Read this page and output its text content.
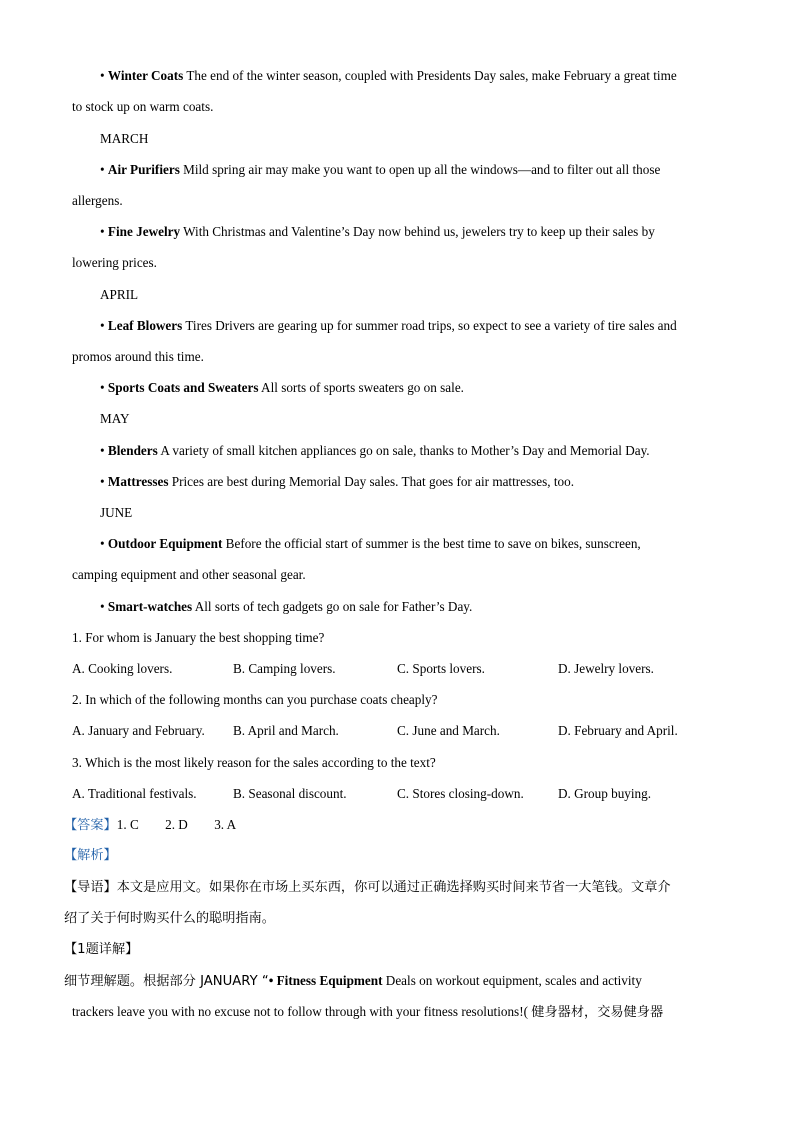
• Winter Coats The end of the winter season, coupled with Presidents Day sales, make February a great time
to stock up on warm coats.
MARCH
• Air Purifiers Mild spring air may make you want to open up all the windows—and to filter out all those
allergens.
• Fine Jewelry With Christmas and Valentine’s Day now behind us, jewelers try to keep up their sales by
lowering prices.
APRIL
• Leaf Blowers Tires Drivers are gearing up for summer road trips, so expect to see a variety of tire sales and
promos around this time.
• Sports Coats and Sweaters All sorts of sports sweaters go on sale.
MAY
• Blenders A variety of small kitchen appliances go on sale, thanks to Mother’s Day and Memorial Day.
• Mattresses Prices are best during Memorial Day sales. That goes for air mattresses, too.
JUNE
• Outdoor Equipment Before the official start of summer is the best time to save on bikes, sunscreen,
camping equipment and other seasonal gear.
• Smart-watches All sorts of tech gadgets go on sale for Father’s Day.
1. For whom is January the best shopping time?
A. Cooking lovers.	B. Camping lovers.	C. Sports lovers.	D. Jewelry lovers.
2. In which of the following months can you purchase coats cheaply?
A. January and February. B. April and March.	C. June and March.	D. February and April.
3. Which is the most likely reason for the sales according to the text?
A. Traditional festivals.	B. Seasonal discount.	C. Stores closing-down.	D. Group buying.
【答案】1. C        2. D        3. A
【解析】
【导语】本文是应用文。如果你在市场上买东西，你可以通过正确选择购买时间来节省一大笔钱。文章介
绍了关于何时购买什么的聪明指南。
【1题详解】
细节理解题。根据部分 JANUARY “• Fitness Equipment Deals on workout equipment, scales and activity
trackers leave you with no excuse not to follow through with your fitness resolutions!( 健身器材，交易健身器
